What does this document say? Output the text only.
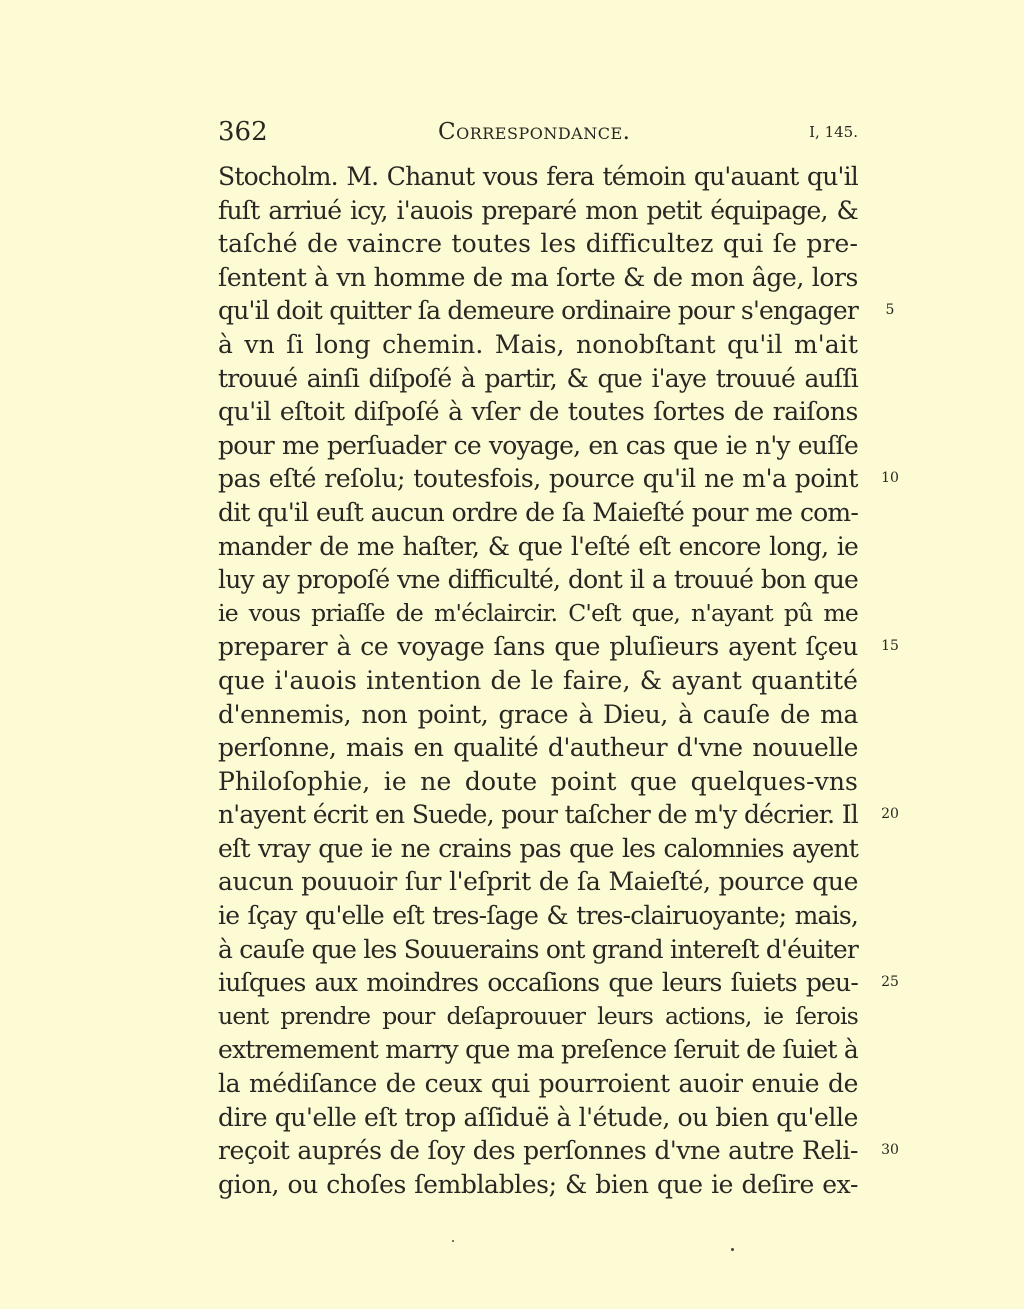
362	Correspondance.	I, 145.
Stocholm. M. Chanut vous fera témoin qu'auant qu'il
fuſt arriué icy, i'auois preparé mon petit équipage, &
taſché de vaincre toutes les difficultez qui ſe pre-
ſentent à vn homme de ma ſorte & de mon âge, lors
qu'il doit quitter ſa demeure ordinaire pour s'engager
à vn ſi long chemin. Mais, nonobſtant qu'il m'ait
trouué ainſi diſpoſé à partir, & que i'aye trouué auſſi
qu'il eſtoit diſpoſé à vſer de toutes ſortes de raiſons
pour me perſuader ce voyage, en cas que ie n'y euſſe
pas eſté reſolu; toutesfois, pource qu'il ne m'a point
dit qu'il euſt aucun ordre de ſa Maieſté pour me com-
mander de me haſter, & que l'eſté eſt encore long, ie
luy ay propoſé vne difficulté, dont il a trouué bon que
ie vous priaſſe de m'éclaircir. C'eſt que, n'ayant pû me
preparer à ce voyage ſans que pluſieurs ayent ſçeu
que i'auois intention de le faire, & ayant quantité
d'ennemis, non point, grace à Dieu, à cauſe de ma
perſonne, mais en qualité d'autheur d'vne nouuelle
Philoſophie, ie ne doute point que quelques-vns
n'ayent écrit en Suede, pour taſcher de m'y décrier. Il
eſt vray que ie ne crains pas que les calomnies ayent
aucun pouuoir ſur l'eſprit de ſa Maieſté, pource que
ie ſçay qu'elle eſt tres-ſage & tres-clairuoyante; mais,
à cauſe que les Souuerains ont grand intereſt d'éuiter
iuſques aux moindres occaſions que leurs ſuiets peu-
uent prendre pour deſaprouuer leurs actions, ie ſerois
extremement marry que ma preſence ſeruit de ſuiet à
la médiſance de ceux qui pourroient auoir enuie de
dire qu'elle eſt trop aſſiduë à l'étude, ou bien qu'elle
reçoit auprés de ſoy des perſonnes d'vne autre Reli-
gion, ou choſes ſemblables; & bien que ie deſire ex-
5
10
15
20
25
30
